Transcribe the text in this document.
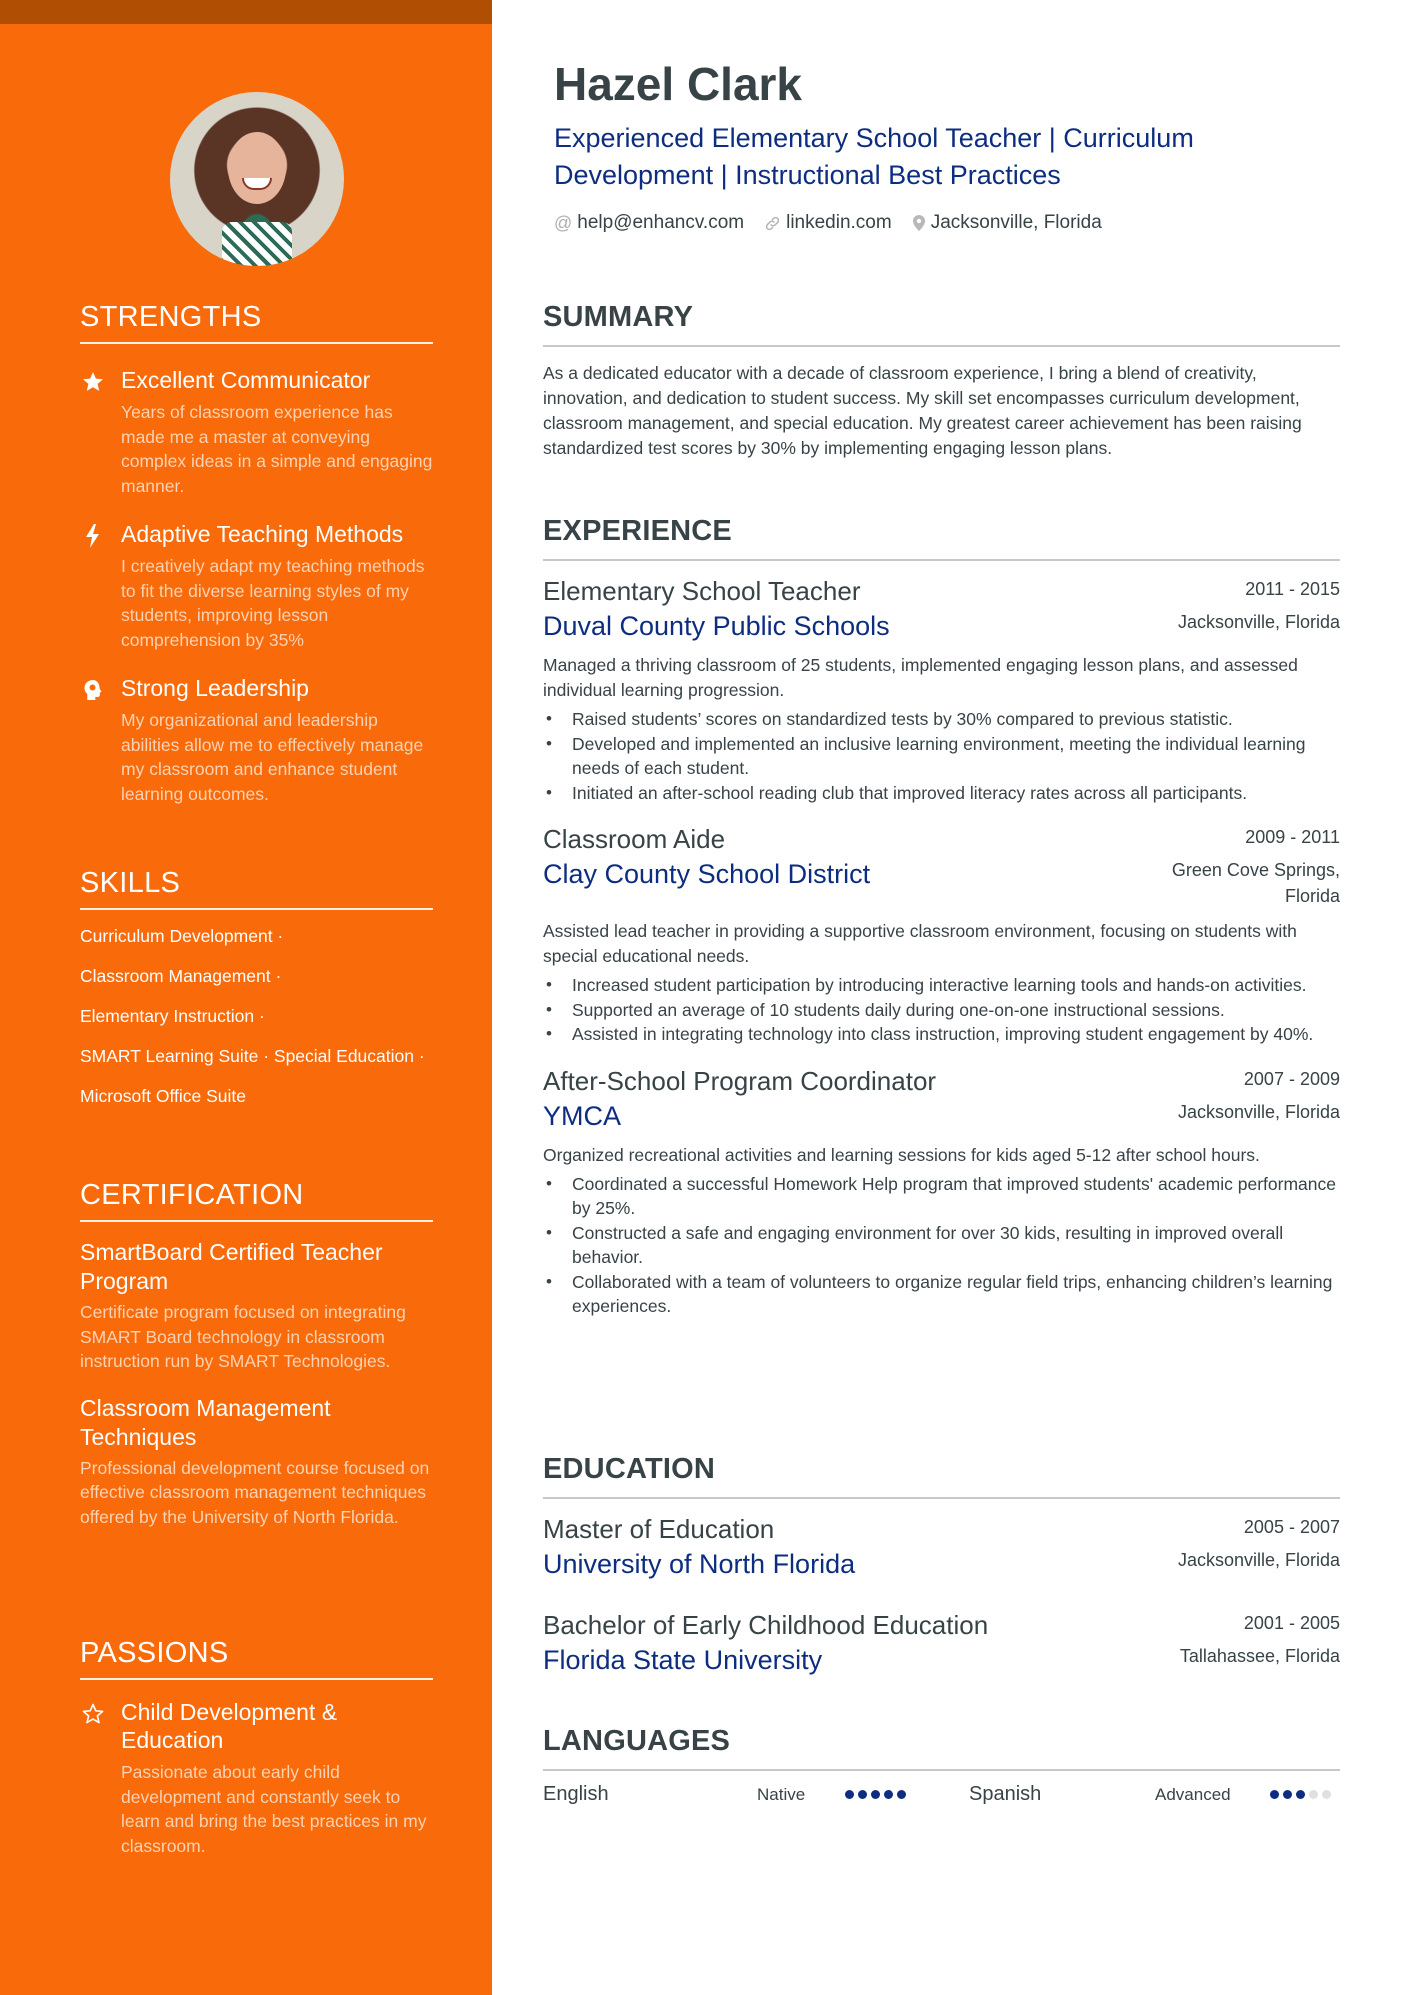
STRENGTHS
Excellent Communicator
Years of classroom experience has made me a master at conveying complex ideas in a simple and engaging manner.
Adaptive Teaching Methods
I creatively adapt my teaching methods to fit the diverse learning styles of my students, improving lesson comprehension by 35%
Strong Leadership
My organizational and leadership abilities allow me to effectively manage my classroom and enhance student learning outcomes.
SKILLS
Curriculum Development ·
Classroom Management ·
Elementary Instruction ·
SMART Learning Suite · Special Education ·
Microsoft Office Suite
CERTIFICATION
SmartBoard Certified Teacher Program
Certificate program focused on integrating SMART Board technology in classroom instruction run by SMART Technologies.
Classroom Management Techniques
Professional development course focused on effective classroom management techniques offered by the University of North Florida.
PASSIONS
Child Development & Education
Passionate about early child development and constantly seek to learn and bring the best practices in my classroom.
Hazel Clark
Experienced Elementary School Teacher | Curriculum Development | Instructional Best Practices
@ help@enhancv.com linkedin.com Jacksonville, Florida
SUMMARY

As a dedicated educator with a decade of classroom experience, I bring a blend of creativity, innovation, and dedication to student success. My skill set encompasses curriculum development, classroom management, and special education. My greatest career achievement has been raising standardized test scores by 30% by implementing engaging lesson plans.

EXPERIENCE
Elementary School Teacher	2011 - 2015
Duval County Public Schools	Jacksonville, Florida

Managed a thriving classroom of 25 students, implemented engaging lesson plans, and assessed individual learning progression.

• Raised students’ scores on standardized tests by 30% compared to previous statistic.
• Developed and implemented an inclusive learning environment, meeting the individual learning needs of each student.
• Initiated an after-school reading club that improved literacy rates across all participants.
Classroom Aide	2009 - 2011
Clay County School District	Green Cove Springs, Florida

Assisted lead teacher in providing a supportive classroom environment, focusing on students with special educational needs.

• Increased student participation by introducing interactive learning tools and hands-on activities.
• Supported an average of 10 students daily during one-on-one instructional sessions.
• Assisted in integrating technology into class instruction, improving student engagement by 40%.
After-School Program Coordinator	2007 - 2009
YMCA	Jacksonville, Florida

Organized recreational activities and learning sessions for kids aged 5-12 after school hours.

• Coordinated a successful Homework Help program that improved students' academic performance by 25%.
• Constructed a safe and engaging environment for over 30 kids, resulting in improved overall behavior.
• Collaborated with a team of volunteers to organize regular field trips, enhancing children’s learning experiences.
EDUCATION
Master of Education	2005 - 2007
University of North Florida	Jacksonville, Florida
Bachelor of Early Childhood Education	2001 - 2005
Florida State University	Tallahassee, Florida
LANGUAGES
English	Native	Spanish	Advanced
